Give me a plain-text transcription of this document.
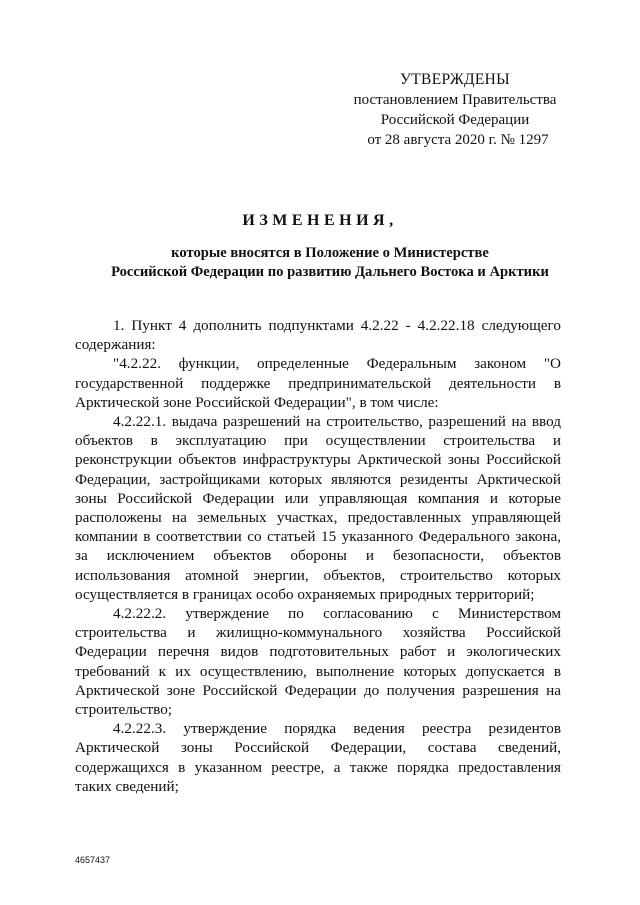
УТВЕРЖДЕНЫ
постановлением Правительства
Российской Федерации
от 28 августа 2020 г. № 1297
ИЗМЕНЕНИЯ,
которые вносятся в Положение о Министерстве
Российской Федерации по развитию Дальнего Востока и Арктики

1. Пункт 4 дополнить подпунктами 4.2.22 - 4.2.22.18 следующего содержания:

"4.2.22. функции, определенные Федеральным законом "О государственной поддержке предпринимательской деятельности в Арктической зоне Российской Федерации", в том числе:

4.2.22.1. выдача разрешений на строительство, разрешений на ввод объектов в эксплуатацию при осуществлении строительства и реконструкции объектов инфраструктуры Арктической зоны Российской Федерации, застройщиками которых являются резиденты Арктической зоны Российской Федерации или управляющая компания и которые расположены на земельных участках, предоставленных управляющей компании в соответствии со статьей 15 указанного Федерального закона, за исключением объектов обороны и безопасности, объектов использования атомной энергии, объектов, строительство которых осуществляется в границах особо охраняемых природных территорий;

4.2.22.2. утверждение по согласованию с Министерством строительства и жилищно-коммунального хозяйства Российской Федерации перечня видов подготовительных работ и экологических требований к их осуществлению, выполнение которых допускается в Арктической зоне Российской Федерации до получения разрешения на строительство;

4.2.22.3. утверждение порядка ведения реестра резидентов Арктической зоны Российской Федерации, состава сведений, содержащихся в указанном реестре, а также порядка предоставления таких сведений;

4657437
